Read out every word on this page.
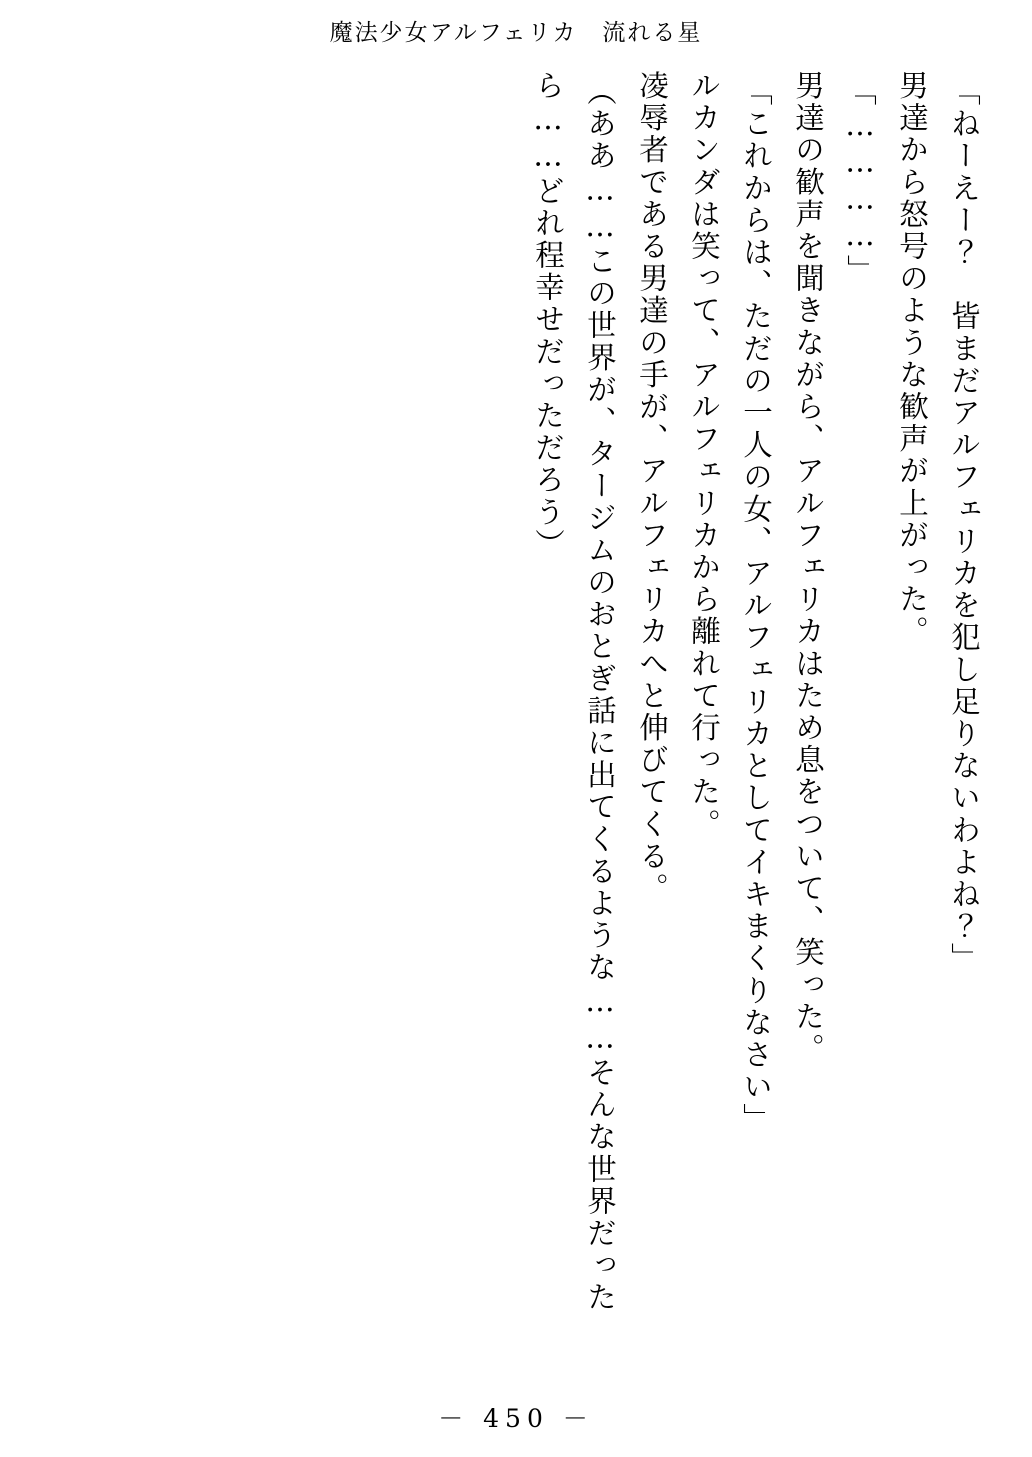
魔法少女アルフェリカ　流れる星
「ねーえー？　皆まだアルフェリカを犯し足りないわよね？」
男達から怒号のような歓声が上がった。
「…………」
男達の歓声を聞きながら、アルフェリカはため息をついて、笑った。
「これからは、ただの一人の女、アルフェリカとしてイキまくりなさい」
ルカンダは笑って、アルフェリカから離れて行った。
凌辱者である男達の手が、アルフェリカへと伸びてくる。
（ああ……この世界が、タージムのおとぎ話に出てくるような……そんな世界だった
ら……どれ程幸せだっただろう）
－ 450 －
